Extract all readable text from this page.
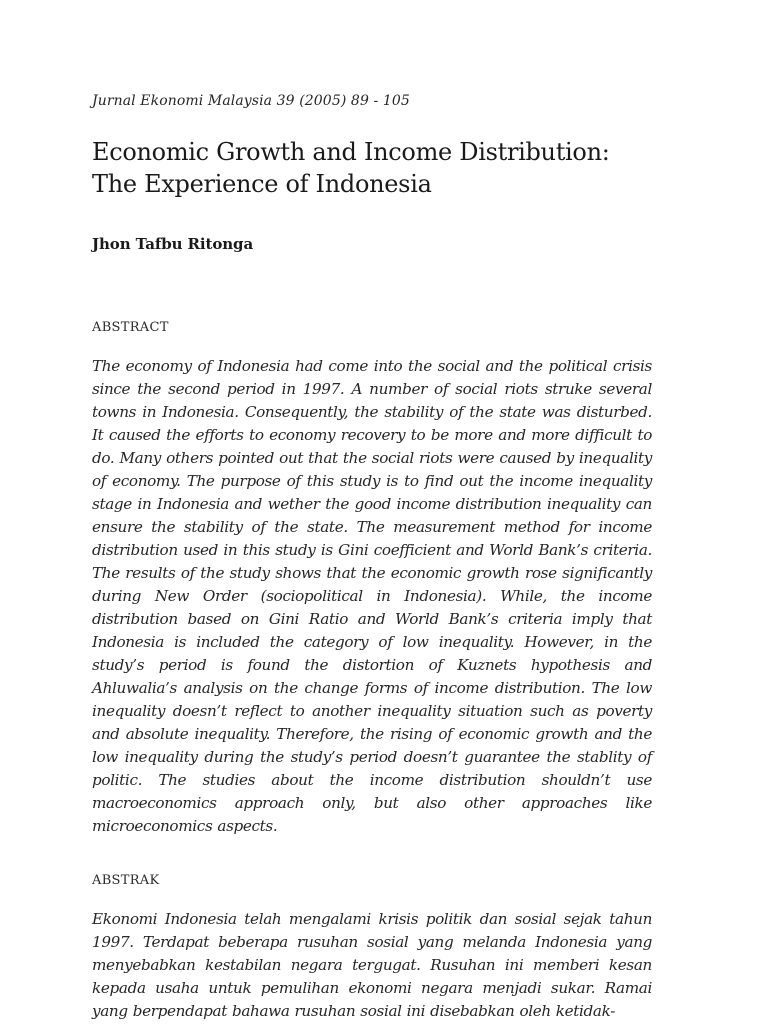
Jurnal Ekonomi Malaysia 39 (2005) 89 - 105
Economic Growth and Income Distribution: The Experience of Indonesia
Jhon Tafbu Ritonga
ABSTRACT

The economy of Indonesia had come into the social and the political crisis since the second period in 1997. A number of social riots struke several towns in Indonesia. Consequently, the stability of the state was disturbed. It caused the efforts to economy recovery to be more and more difficult to do. Many others pointed out that the social riots were caused by inequality of economy. The purpose of this study is to find out the income inequality stage in Indonesia and wether the good income distribution inequality can ensure the stability of the state. The measurement method for income distribution used in this study is Gini coefficient and World Bank’s criteria. The results of the study shows that the economic growth rose significantly during New Order (sociopolitical in Indonesia). While, the income distribution based on Gini Ratio and World Bank’s criteria imply that Indonesia is included the category of low inequality. However, in the study’s period is found the distortion of Kuznets hypothesis and Ahluwalia’s analysis on the change forms of income distribution. The low inequality doesn’t reflect to another inequality situation such as poverty and absolute inequality. Therefore, the rising of economic growth and the low inequality during the study’s period doesn’t guarantee the stablity of politic. The studies about the income distribution shouldn’t use macroeconomics approach only, but also other approaches like microeconomics aspects.

ABSTRAK

Ekonomi Indonesia telah mengalami krisis politik dan sosial sejak tahun 1997. Terdapat beberapa rusuhan sosial yang melanda Indonesia yang menyebabkan kestabilan negara tergugat. Rusuhan ini memberi kesan kepada usaha untuk pemulihan ekonomi negara menjadi sukar. Ramai yang berpendapat bahawa rusuhan sosial ini disebabkan oleh ketidak-
